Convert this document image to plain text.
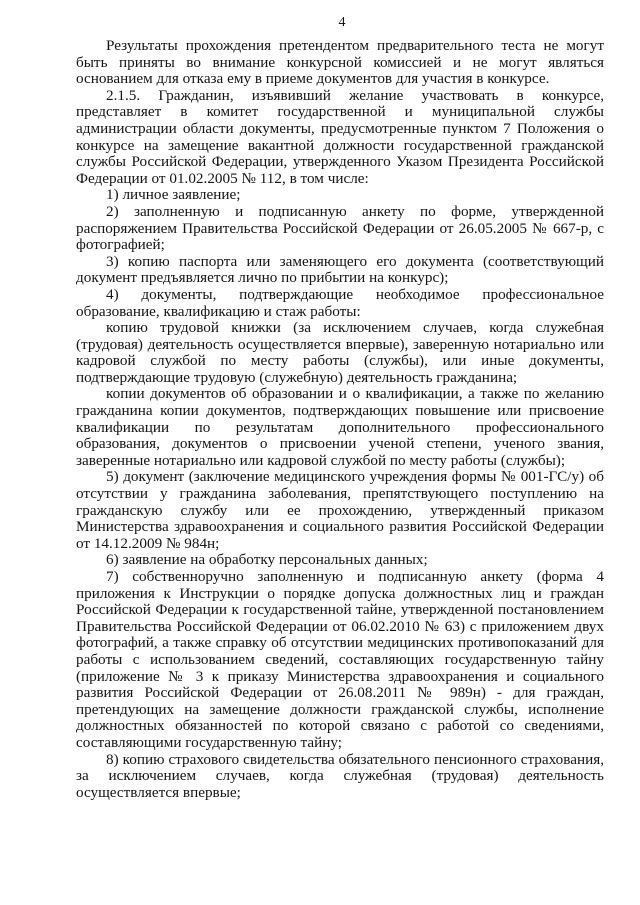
4

Результаты прохождения претендентом предварительного теста не могут быть приняты во внимание конкурсной комиссией и не могут являться основанием для отказа ему в приеме документов для участия в конкурсе.

2.1.5. Гражданин, изъявивший желание участвовать в конкурсе, представляет в комитет государственной и муниципальной службы администрации области документы, предусмотренные пунктом 7 Положения о конкурсе на замещение вакантной должности государственной гражданской службы Российской Федерации, утвержденного Указом Президента Российской Федерации от 01.02.2005 № 112, в том числе:

1) личное заявление;

2) заполненную и подписанную анкету по форме, утвержденной распоряжением Правительства Российской Федерации от 26.05.2005 № 667-р, с фотографией;

3) копию паспорта или заменяющего его документа (соответствующий документ предъявляется лично по прибытии на конкурс);

4) документы, подтверждающие необходимое профессиональное образование, квалификацию и стаж работы:

копию трудовой книжки (за исключением случаев, когда служебная (трудовая) деятельность осуществляется впервые), заверенную нотариально или кадровой службой по месту работы (службы), или иные документы, подтверждающие трудовую (служебную) деятельность гражданина;

копии документов об образовании и о квалификации, а также по желанию гражданина копии документов, подтверждающих повышение или присвоение квалификации по результатам дополнительного профессионального образования, документов о присвоении ученой степени, ученого звания, заверенные нотариально или кадровой службой по месту работы (службы);

5) документ (заключение медицинского учреждения формы № 001-ГС/у) об отсутствии у гражданина заболевания, препятствующего поступлению на гражданскую службу или ее прохождению, утвержденный приказом Министерства здравоохранения и социального развития Российской Федерации от 14.12.2009 № 984н;

6) заявление на обработку персональных данных;

7) собственноручно заполненную и подписанную анкету (форма 4 приложения к Инструкции о порядке допуска должностных лиц и граждан Российской Федерации к государственной тайне, утвержденной постановлением Правительства Российской Федерации от 06.02.2010 № 63) с приложением двух фотографий, а также справку об отсутствии медицинских противопоказаний для работы с использованием сведений, составляющих государственную тайну (приложение № 3 к приказу Министерства здравоохранения и социального развития Российской Федерации от 26.08.2011 № 989н) - для граждан, претендующих на замещение должности гражданской службы, исполнение должностных обязанностей по которой связано с работой со сведениями, составляющими государственную тайну;

8) копию страхового свидетельства обязательного пенсионного страхования, за исключением случаев, когда служебная (трудовая) деятельность осуществляется впервые;
